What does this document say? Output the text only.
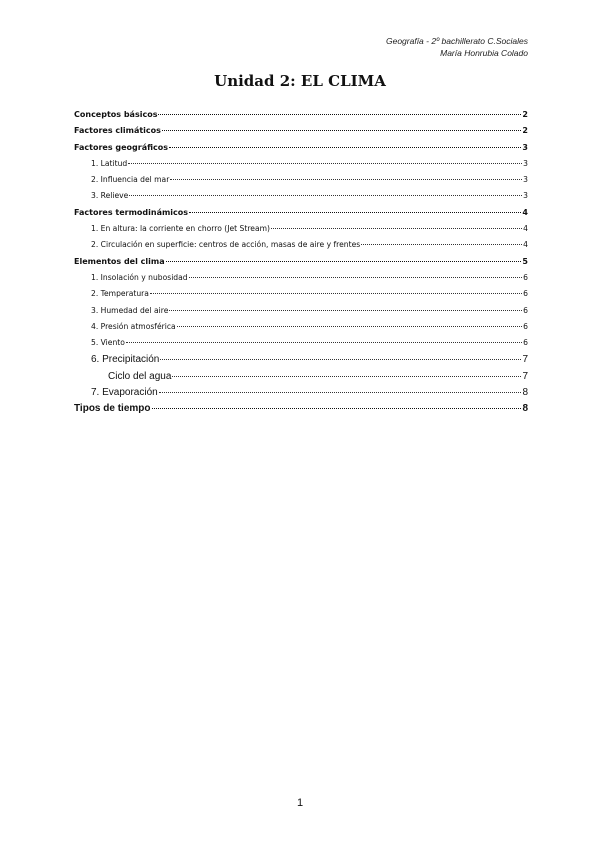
Geografía - 2º bachillerato C.Sociales
María Honrubia Colado
Unidad 2: EL CLIMA
Conceptos básicos	2
Factores climáticos	2
Factores geográficos	3
1. Latitud	3
2. Influencia del mar	3
3. Relieve	3
Factores termodinámicos	4
1. En altura: la corriente en chorro (Jet Stream)	4
2. Circulación en superficie: centros de acción, masas de aire y frentes	4
Elementos del clima	5
1. Insolación y nubosidad	6
2. Temperatura	6
3. Humedad del aire	6
4. Presión atmosférica	6
5. Viento	6
6. Precipitación	7
Ciclo del agua	7
7. Evaporación	8
Tipos de tiempo	8
1
